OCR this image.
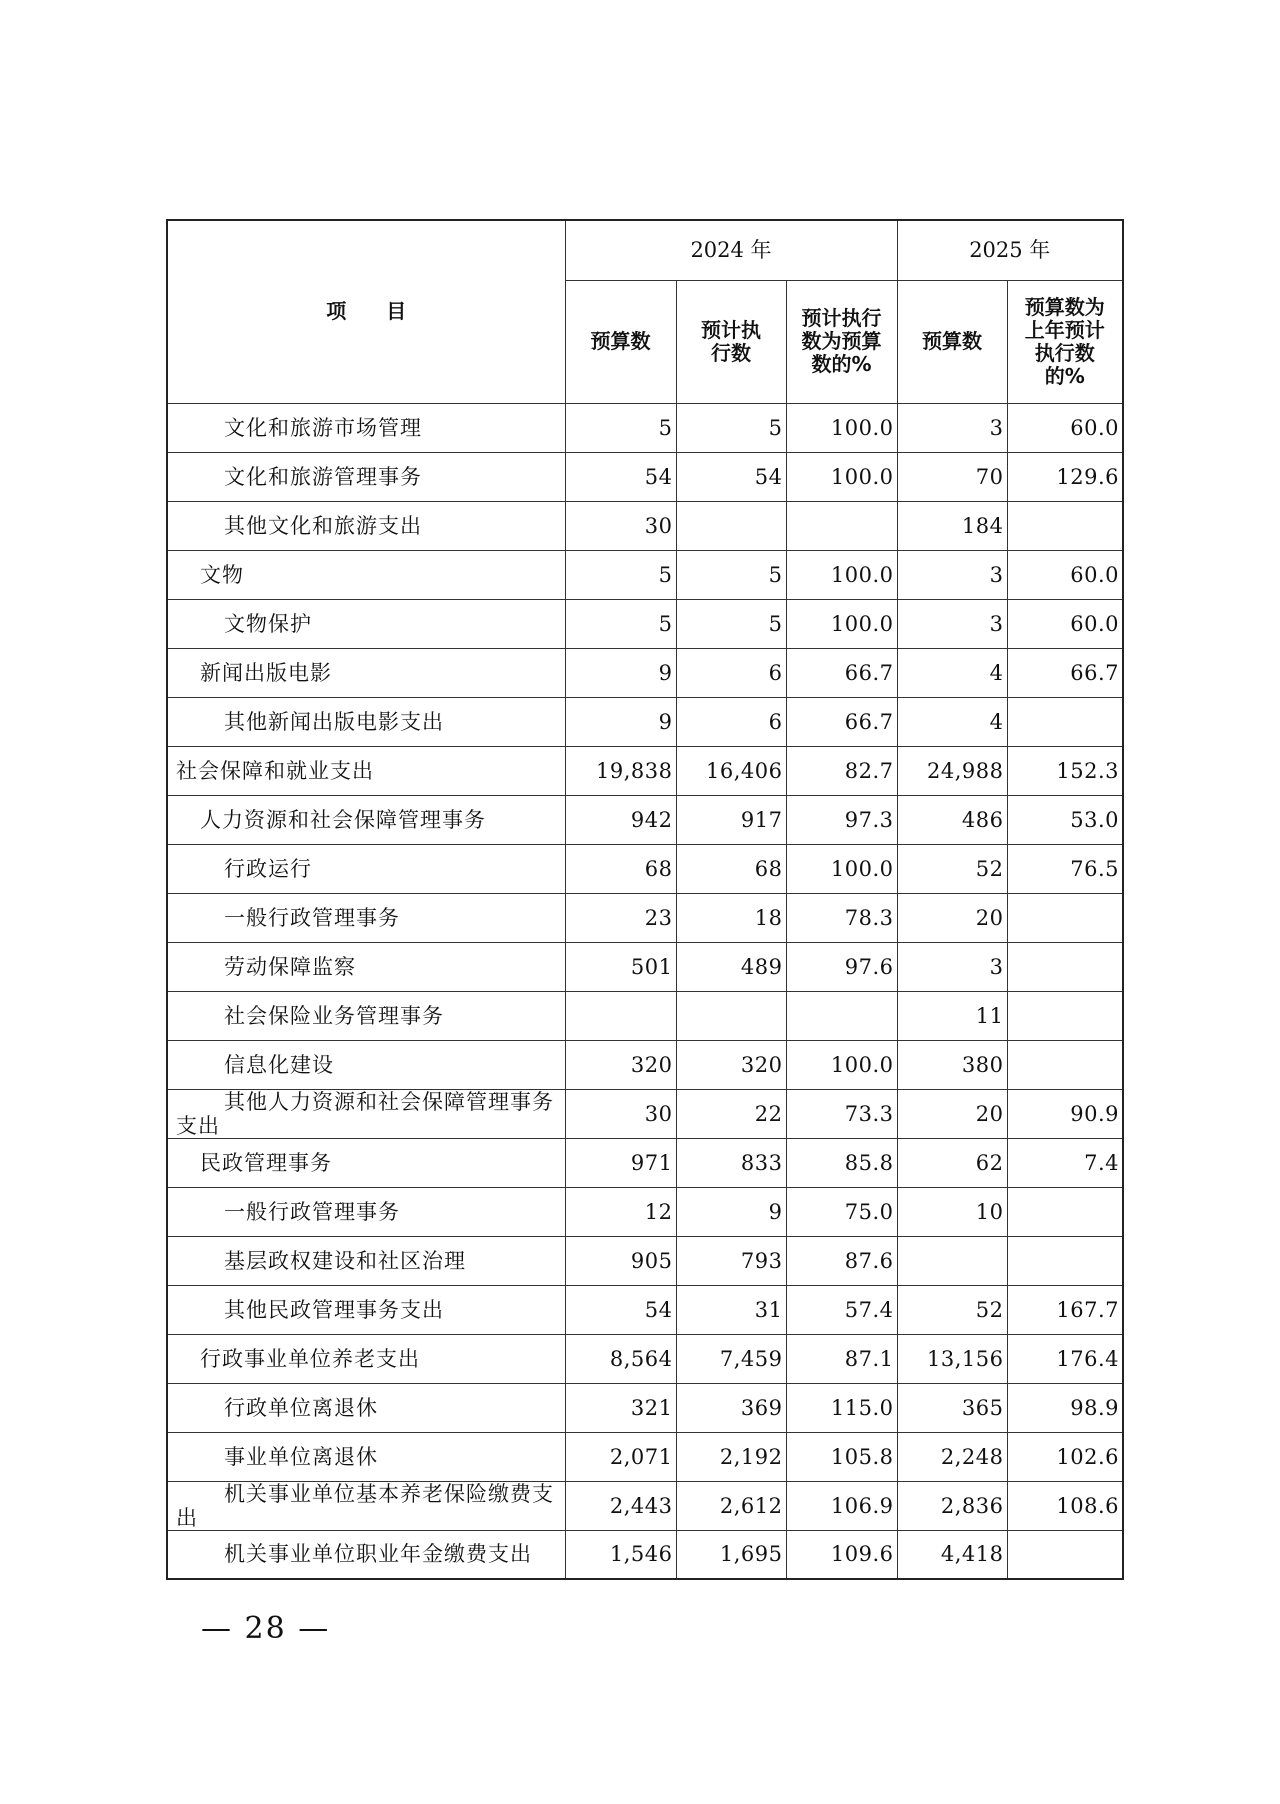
项　　目	2024 年			2025 年	

	预算数	预计执行数	预计执行数为预算数的%	预算数	预算数为上年预计执行数的%

文化和旅游市场管理	5	5	100.0	3	60.0
文化和旅游管理事务	54	54	100.0	70	129.6
其他文化和旅游支出	30			184	
文物	5	5	100.0	3	60.0
文物保护	5	5	100.0	3	60.0
新闻出版电影	9	6	66.7	4	66.7
其他新闻出版电影支出	9	6	66.7	4	
社会保障和就业支出	19,838	16,406	82.7	24,988	152.3
人力资源和社会保障管理事务	942	917	97.3	486	53.0
行政运行	68	68	100.0	52	76.5
一般行政管理事务	23	18	78.3	20	
劳动保障监察	501	489	97.6	3	
社会保险业务管理事务				11	
信息化建设	320	320	100.0	380	
其他人力资源和社会保障管理事务支出	30	22	73.3	20	90.9
民政管理事务	971	833	85.8	62	7.4
一般行政管理事务	12	9	75.0	10	
基层政权建设和社区治理	905	793	87.6		
其他民政管理事务支出	54	31	57.4	52	167.7
行政事业单位养老支出	8,564	7,459	87.1	13,156	176.4
行政单位离退休	321	369	115.0	365	98.9
事业单位离退休	2,071	2,192	105.8	2,248	102.6
机关事业单位基本养老保险缴费支出	2,443	2,612	106.9	2,836	108.6
机关事业单位职业年金缴费支出	1,546	1,695	109.6	4,418	
— 28 —
